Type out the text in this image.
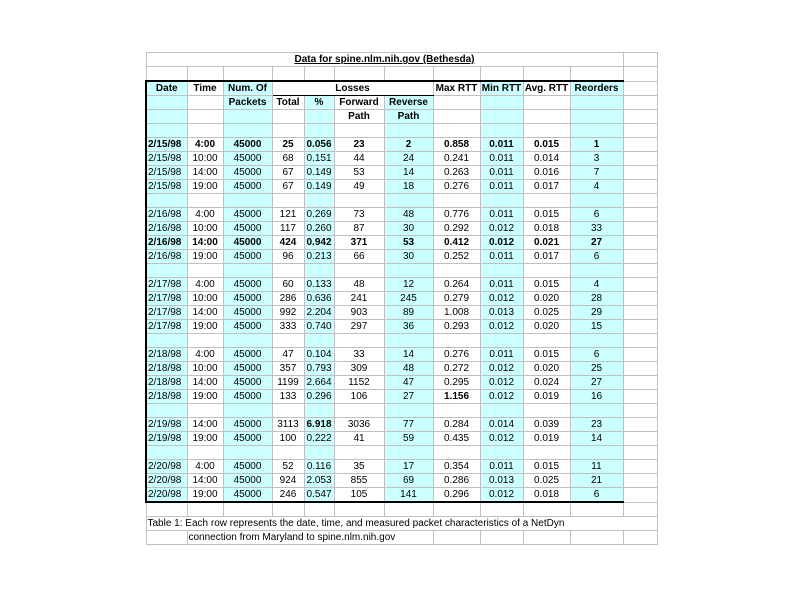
Data for spine.nlm.nih.gov (Bethesda)											

Date	Time	Num. Of	Losses				Max RTT	Min RTT	Avg. RTT	Reorders	
		Packets	Total	%	Forward	Reverse					
					Path	Path					

2/15/98	4:00	45000	25	0.056	23	2	0.858	0.011	0.015	1	
2/15/98	10:00	45000	68	0.151	44	24	0.241	0.011	0.014	3	
2/15/98	14:00	45000	67	0.149	53	14	0.263	0.011	0.016	7	
2/15/98	19:00	45000	67	0.149	49	18	0.276	0.011	0.017	4	

2/16/98	4:00	45000	121	0.269	73	48	0.776	0.011	0.015	6	
2/16/98	10:00	45000	117	0.260	87	30	0.292	0.012	0.018	33	
2/16/98	14:00	45000	424	0.942	371	53	0.412	0.012	0.021	27	
2/16/98	19:00	45000	96	0.213	66	30	0.252	0.011	0.017	6	

2/17/98	4:00	45000	60	0.133	48	12	0.264	0.011	0.015	4	
2/17/98	10:00	45000	286	0.636	241	245	0.279	0.012	0.020	28	
2/17/98	14:00	45000	992	2.204	903	89	1.008	0.013	0.025	29	
2/17/98	19:00	45000	333	0.740	297	36	0.293	0.012	0.020	15	

2/18/98	4:00	45000	47	0.104	33	14	0.276	0.011	0.015	6	
2/18/98	10:00	45000	357	0.793	309	48	0.272	0.012	0.020	25	
2/18/98	14:00	45000	1199	2.664	1152	47	0.295	0.012	0.024	27	
2/18/98	19:00	45000	133	0.296	106	27	1.156	0.012	0.019	16	

2/19/98	14:00	45000	3113	6.918	3036	77	0.284	0.014	0.039	23	
2/19/98	19:00	45000	100	0.222	41	59	0.435	0.012	0.019	14	

2/20/98	4:00	45000	52	0.116	35	17	0.354	0.011	0.015	11	
2/20/98	14:00	45000	924	2.053	855	69	0.286	0.013	0.025	21	
2/20/98	19:00	45000	246	0.547	105	141	0.296	0.012	0.018	6	

Table 1: Each row represents the date, time, and measured packet characteristics of a NetDyn											
	connection from Maryland to spine.nlm.nih.gov										
